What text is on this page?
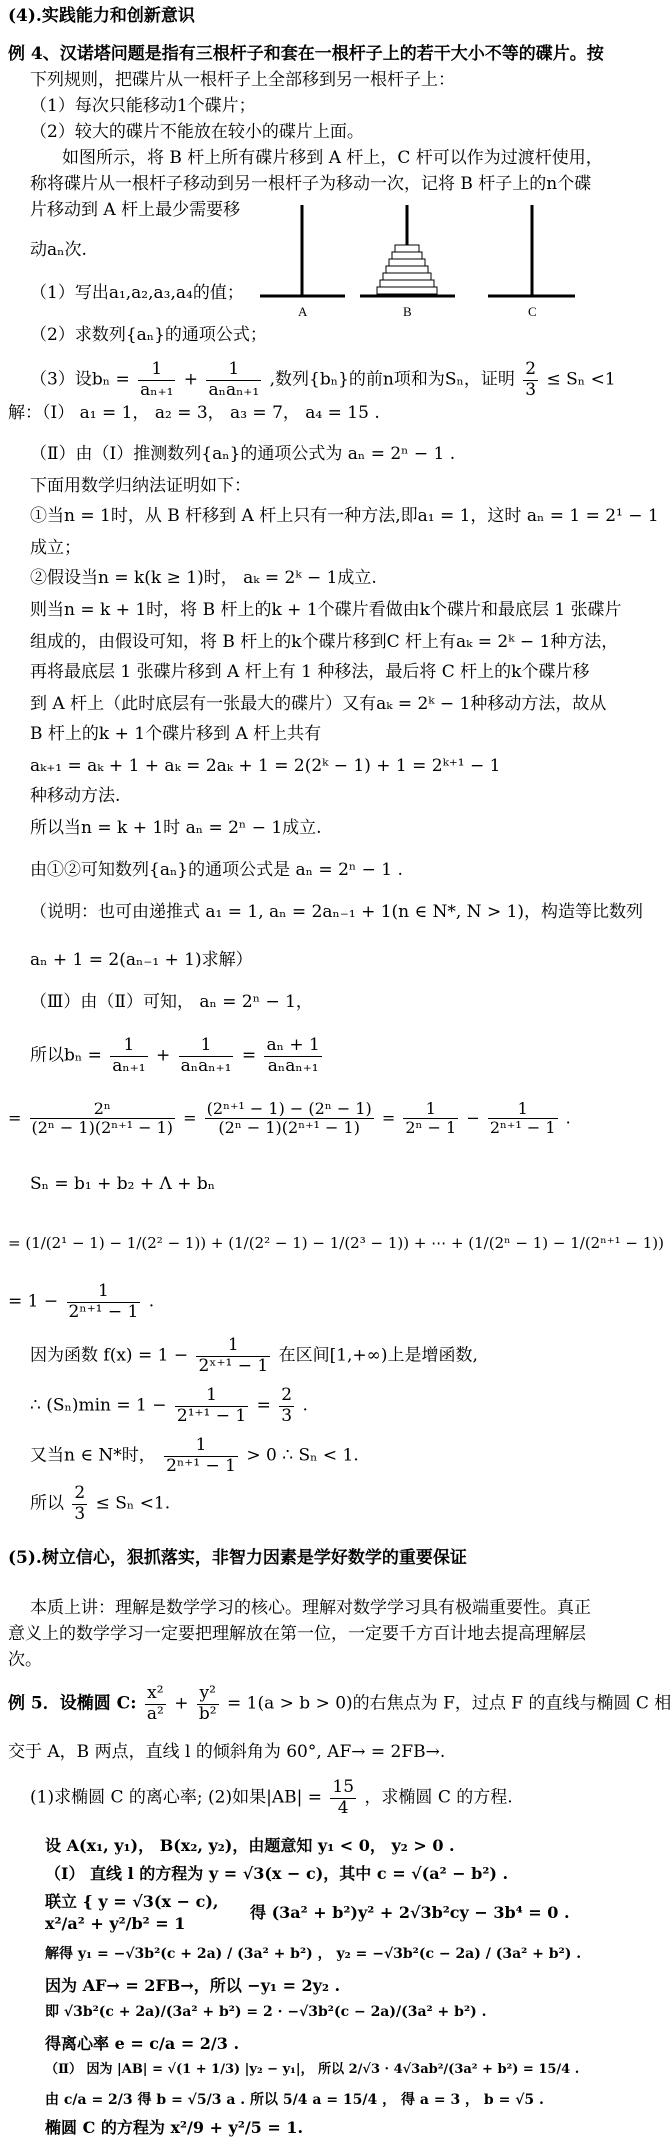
(4).实践能力和创新意识
例 4、汉诺塔问题是指有三根杆子和套在一根杆子上的若干大小不等的碟片。按
下列规则，把碟片从一根杆子上全部移到另一根杆子上：
（1）每次只能移动1个碟片；
（2）较大的碟片不能放在较小的碟片上面。
如图所示，将 B 杆上所有碟片移到 A 杆上，C 杆可以作为过渡杆使用，
称将碟片从一根杆子移动到另一根杆子为移动一次，记将 B 杆子上的n个碟
片移动到 A 杆上最少需要移
动aₙ次.
（1）写出a₁,a₂,a₃,a₄的值；
（2）求数列{aₙ}的通项公式；
（3）设$b_n = \frac{1}{\text{aₙ₊₁}} + \frac{1}{\text{aₙaₙ₊₁}}$ ,数列{bₙ}的前n项和为Sₙ，证明 $\frac{2}{3} \le S_n <1$
A	B	C
解：（Ⅰ） a₁ = 1， a₂ = 3， a₃ = 7， a₄ = 15 .
（Ⅱ）由（Ⅰ）推测数列{aₙ}的通项公式为 aₙ = 2ⁿ − 1 .
下面用数学归纳法证明如下：
①当n = 1时，从 B 杆移到 A 杆上只有一种方法,即a₁ = 1，这时 aₙ = 1 = 2¹ − 1
成立；
②假设当n = k(k ≥ 1)时， aₖ = 2ᵏ − 1成立.
则当n = k + 1时，将 B 杆上的k + 1个碟片看做由k个碟片和最底层 1 张碟片
组成的，由假设可知，将 B 杆上的k个碟片移到C 杆上有aₖ = 2ᵏ − 1种方法，
再将最底层 1 张碟片移到 A 杆上有 1 种移法，最后将 C 杆上的k个碟片移
到 A 杆上（此时底层有一张最大的碟片）又有aₖ = 2ᵏ − 1种移动方法，故从
B 杆上的k + 1个碟片移到 A 杆上共有
aₖ₊₁ = aₖ + 1 + aₖ = 2aₖ + 1 = 2(2ᵏ − 1) + 1 = 2ᵏ⁺¹ − 1
种移动方法.
所以当n = k + 1时 aₙ = 2ⁿ − 1成立.
由①②可知数列{aₙ}的通项公式是 aₙ = 2ⁿ − 1 .
（说明：也可由递推式 a₁ = 1, aₙ = 2aₙ₋₁ + 1(n ∈ N*, N > 1)，构造等比数列
aₙ + 1 = 2(aₙ₋₁ + 1)求解）
（Ⅲ）由（Ⅱ）可知， aₙ = 2ⁿ − 1，
所以$b_n = \frac{1}{\text{aₙ₊₁}} + \frac{1}{\text{aₙaₙ₊₁}} = \frac{\text{aₙ + 1}}{\text{aₙaₙ₊₁}}$
= $\frac{\text{2ⁿ}}{\text{(2ⁿ − 1)(2ⁿ⁺¹ − 1)}} = \frac{\text{(2ⁿ⁺¹ − 1) − (2ⁿ − 1)}}{\text{(2ⁿ − 1)(2ⁿ⁺¹ − 1)}} = \frac{1}{\text{2ⁿ − 1}} - \frac{1}{\text{2ⁿ⁺¹ − 1}}$ .
Sₙ = b₁ + b₂ + Λ + bₙ
= (1/(2¹ − 1) − 1/(2² − 1)) + (1/(2² − 1) − 1/(2³ − 1)) + ⋯ + (1/(2ⁿ − 1) − 1/(2ⁿ⁺¹ − 1))
= $1 - \frac{1}{\text{2ⁿ⁺¹ − 1}}$ .
因为函数 $f(x) = 1 - \frac{1}{\text{2ˣ⁺¹ − 1}}$ 在区间[1,+∞)上是增函数,
∴ $(S_n)\min = 1 - \frac{1}{\text{2¹⁺¹ − 1}} = \frac{2}{3}$ .
又当n ∈ N*时， $\frac{1}{\text{2ⁿ⁺¹ − 1}} > 0$ ∴ Sₙ < 1.
所以 $\frac{2}{3} \le S_n <1$.
(5).树立信心，狠抓落实，非智力因素是学好数学的重要保证
本质上讲：理解是数学学习的核心。理解对数学学习具有极端重要性。真正
意义上的数学学习一定要把理解放在第一位，一定要千方百计地去提高理解层
次。
例 5．设椭圆 C: $\frac{\text{x²}}{\text{a²}} + \frac{\text{y²}}{\text{b²}} = 1(a > b > 0)$的右焦点为 F，过点 F 的直线与椭圆 C 相
交于 A，B 两点，直线 l 的倾斜角为 60°, AF→ = 2FB→.
(1)求椭圆 C 的离心率; (2)如果$|AB| = \frac{15}{4}$ ，求椭圆 C 的方程.
设 A(x₁, y₁)， B(x₂, y₂)，由题意知 y₁ < 0， y₂ > 0 .
（Ⅰ） 直线 l 的方程为 y = √3(x − c)，其中 c = √(a² − b²) .
联立 { y = √3(x − c),
x²/a² + y²/b² = 1
得 (3a² + b²)y² + 2√3b²cy − 3b⁴ = 0 .
解得 y₁ = −√3b²(c + 2a) / (3a² + b²) ， y₂ = −√3b²(c − 2a) / (3a² + b²) .
因为 AF→ = 2FB→，所以 −y₁ = 2y₂ .
即 √3b²(c + 2a)/(3a² + b²) = 2 · −√3b²(c − 2a)/(3a² + b²) .
得离心率 e = c/a = 2/3 .
（Ⅱ） 因为 |AB| = √(1 + 1/3) |y₂ − y₁|， 所以 2/√3 · 4√3ab²/(3a² + b²) = 15/4 .
由 c/a = 2/3 得 b = √5/3 a . 所以 5/4 a = 15/4 ， 得 a = 3 ， b = √5 .
椭圆 C 的方程为 x²/9 + y²/5 = 1.
